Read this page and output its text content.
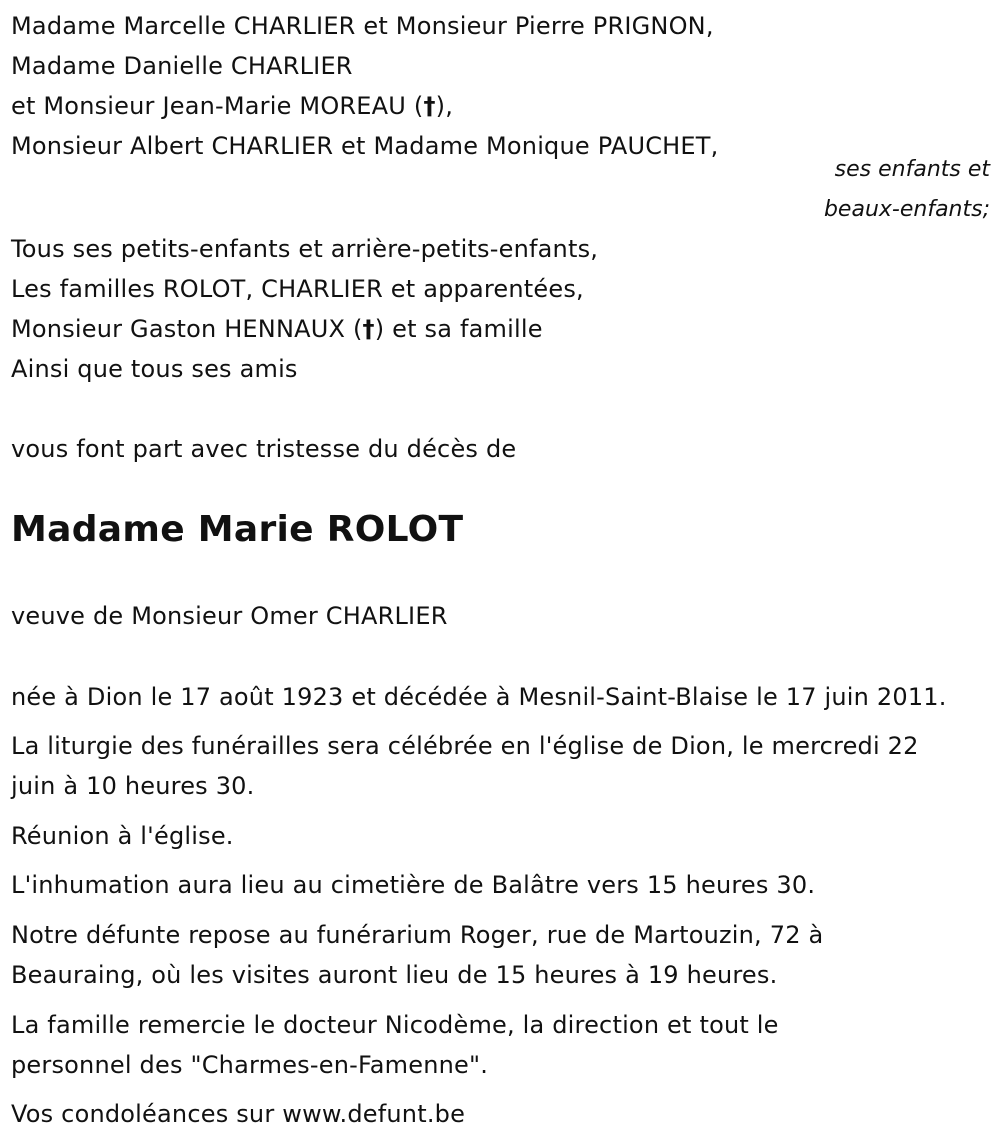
Madame Marcelle CHARLIER et Monsieur Pierre PRIGNON,
Madame Danielle CHARLIER
et Monsieur Jean-Marie MOREAU (†),
Monsieur Albert CHARLIER et Madame Monique PAUCHET,
ses enfants et
beaux-enfants;
Tous ses petits-enfants et arrière-petits-enfants,
Les familles ROLOT, CHARLIER et apparentées,
Monsieur Gaston HENNAUX (†) et sa famille
Ainsi que tous ses amis
vous font part avec tristesse du décès de
Madame Marie ROLOT
veuve de Monsieur Omer CHARLIER
née à Dion le 17 août 1923 et décédée à Mesnil-Saint-Blaise le 17 juin 2011.
La liturgie des funérailles sera célébrée en l'église de Dion, le mercredi 22
juin à 10 heures 30.
Réunion à l'église.
L'inhumation aura lieu au cimetière de Balâtre vers 15 heures 30.
Notre défunte repose au funérarium Roger, rue de Martouzin, 72 à
Beauraing, où les visites auront lieu de 15 heures à 19 heures.
La famille remercie le docteur Nicodème, la direction et tout le
personnel des "Charmes-en-Famenne".
Vos condoléances sur www.defunt.be
